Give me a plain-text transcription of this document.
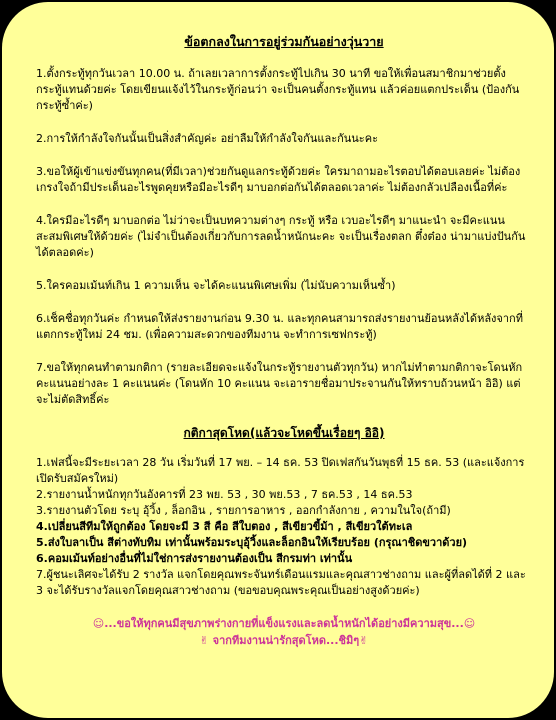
ข้อตกลงในการอยู่ร่วมกันอย่างวุ่นวาย
1.ตั้งกระทู้ทุกวันเวลา 10.00 น. ถ้าเลยเวลาการตั้งกระทู้ไปเกิน 30 นาที ขอให้เพื่อนสมาชิกมาช่วยตั้งกระทู้แทนด้วยค่ะ โดยเขียนแจ้งไว้ในกระทู้ก่อนว่า จะเป็นคนตั้งกระทู้แทน แล้วค่อยแตกประเด็น (ป้องกันกระทู้ซ้ำค่ะ)
2.การให้กำลังใจกันนั้นเป็นสิ่งสำคัญค่ะ อย่าลืมให้กำลังใจกันและกันนะคะ
3.ขอให้ผู้เข้าแข่งขันทุกคน(ที่มีเวลา)ช่วยกันดูแลกระทู้ด้วยค่ะ ใครมาถามอะไรตอบได้ตอบเลยค่ะ ไม่ต้องเกรงใจถ้ามีประเด็นอะไรพูดคุยหรือมีอะไรดีๆ มาบอกต่อกันได้ตลอดเวลาค่ะ ไม่ต้องกลัวเปลืองเนื้อที่ค่ะ
4.ใครมีอะไรดีๆ มาบอกต่อ ไม่ว่าจะเป็นบทความต่างๆ กระทู้ หรือ เวบอะไรดีๆ มาแนะนำ จะมีคะแนนสะสมพิเศษให้ด้วยค่ะ (ไม่จำเป็นต้องเกี่ยวกับการลดน้ำหนักนะคะ จะเป็นเรื่องตลก ตึ๋งต๋อง น่ามาแบ่งปันกันได้ตลอดค่ะ)
5.ใครคอมเม้นท์เกิน 1 ความเห็น จะได้คะแนนพิเศษเพิ่ม (ไม่นับความเห็นซ้ำ)
6.เช็คชื่อทุกวันค่ะ กำหนดให้ส่งรายงานก่อน 9.30 น. และทุกคนสามารถส่งรายงานย้อนหลังได้หลังจากที่แตกกระทู้ใหม่ 24 ชม. (เพื่อความสะดวกของทีมงาน จะทำการเซฟกระทู้)
7.ขอให้ทุกคนทำตามกติกา (รายละเอียดจะแจ้งในกระทู้รายงานตัวทุกวัน) หากไม่ทำตามกติกาจะโดนหักคะแนนอย่างละ 1 คะแนนค่ะ (โดนหัก 10 คะแนน จะเอารายชื่อมาประจานกันให้ทราบถ้วนหน้า อิอิ) แต่จะไม่ตัดสิทธิ์ค่ะ
กติกาสุดโหด(แล้วจะโหดขึ้นเรื่อยๆ อิอิ)
1.เฟสนี้จะมีระยะเวลา 28 วัน เริ่มวันที่ 17 พย. – 14 ธค. 53 ปิดเฟสกันวันพุธที่ 15 ธค. 53 (และแจ้งการเปิดรับสมัครใหม่)
2.รายงานน้ำหนักทุกวันอังคารที่ 23 พย. 53 , 30 พย.53 , 7 ธค.53 , 14 ธค.53
3.รายงานตัวโดย ระบุ อุ้วิ้ง , ล็อกอิน , รายการอาหาร , ออกกำลังกาย , ความในใจ(ถ้ามี)
4.เปลี่ยนสีทีมให้ถูกต้อง โดยจะมี 3 สี คือ สีใบตอง , สีเขียวขี้ม้า , สีเขียวใต้ทะเล
5.ส่งใบลาเป็น สีต่างทับทิม เท่านั้นพร้อมระบุอุ้วิ้งและล็อกอินให้เรียบร้อย (กรุณาชิดขวาด้วย)
6.คอมเม้นท์อย่างอื่นที่ไม่ใช่การส่งรายงานต้องเป็น สีกรมท่า เท่านั้น
7.ผู้ชนะเลิศจะได้รับ 2 รางวัล แจกโดยคุณพระจันทร์เดือนแรมและคุณสาวช่างถาม และผู้ที่ลดได้ที่ 2 และ 3 จะได้รับรางวัลแจกโดยคุณสาวช่างถาม (ขอขอบคุณพระคุณเป็นอย่างสูงด้วยค่ะ)
☺...ขอให้ทุกคนมีสุขภาพร่างกายที่แข็งแรงและลดน้ำหนักได้อย่างมีความสุข...☺
✌ จากทีมงานน่ารักสุดโหด...ชิมิๆ✌
